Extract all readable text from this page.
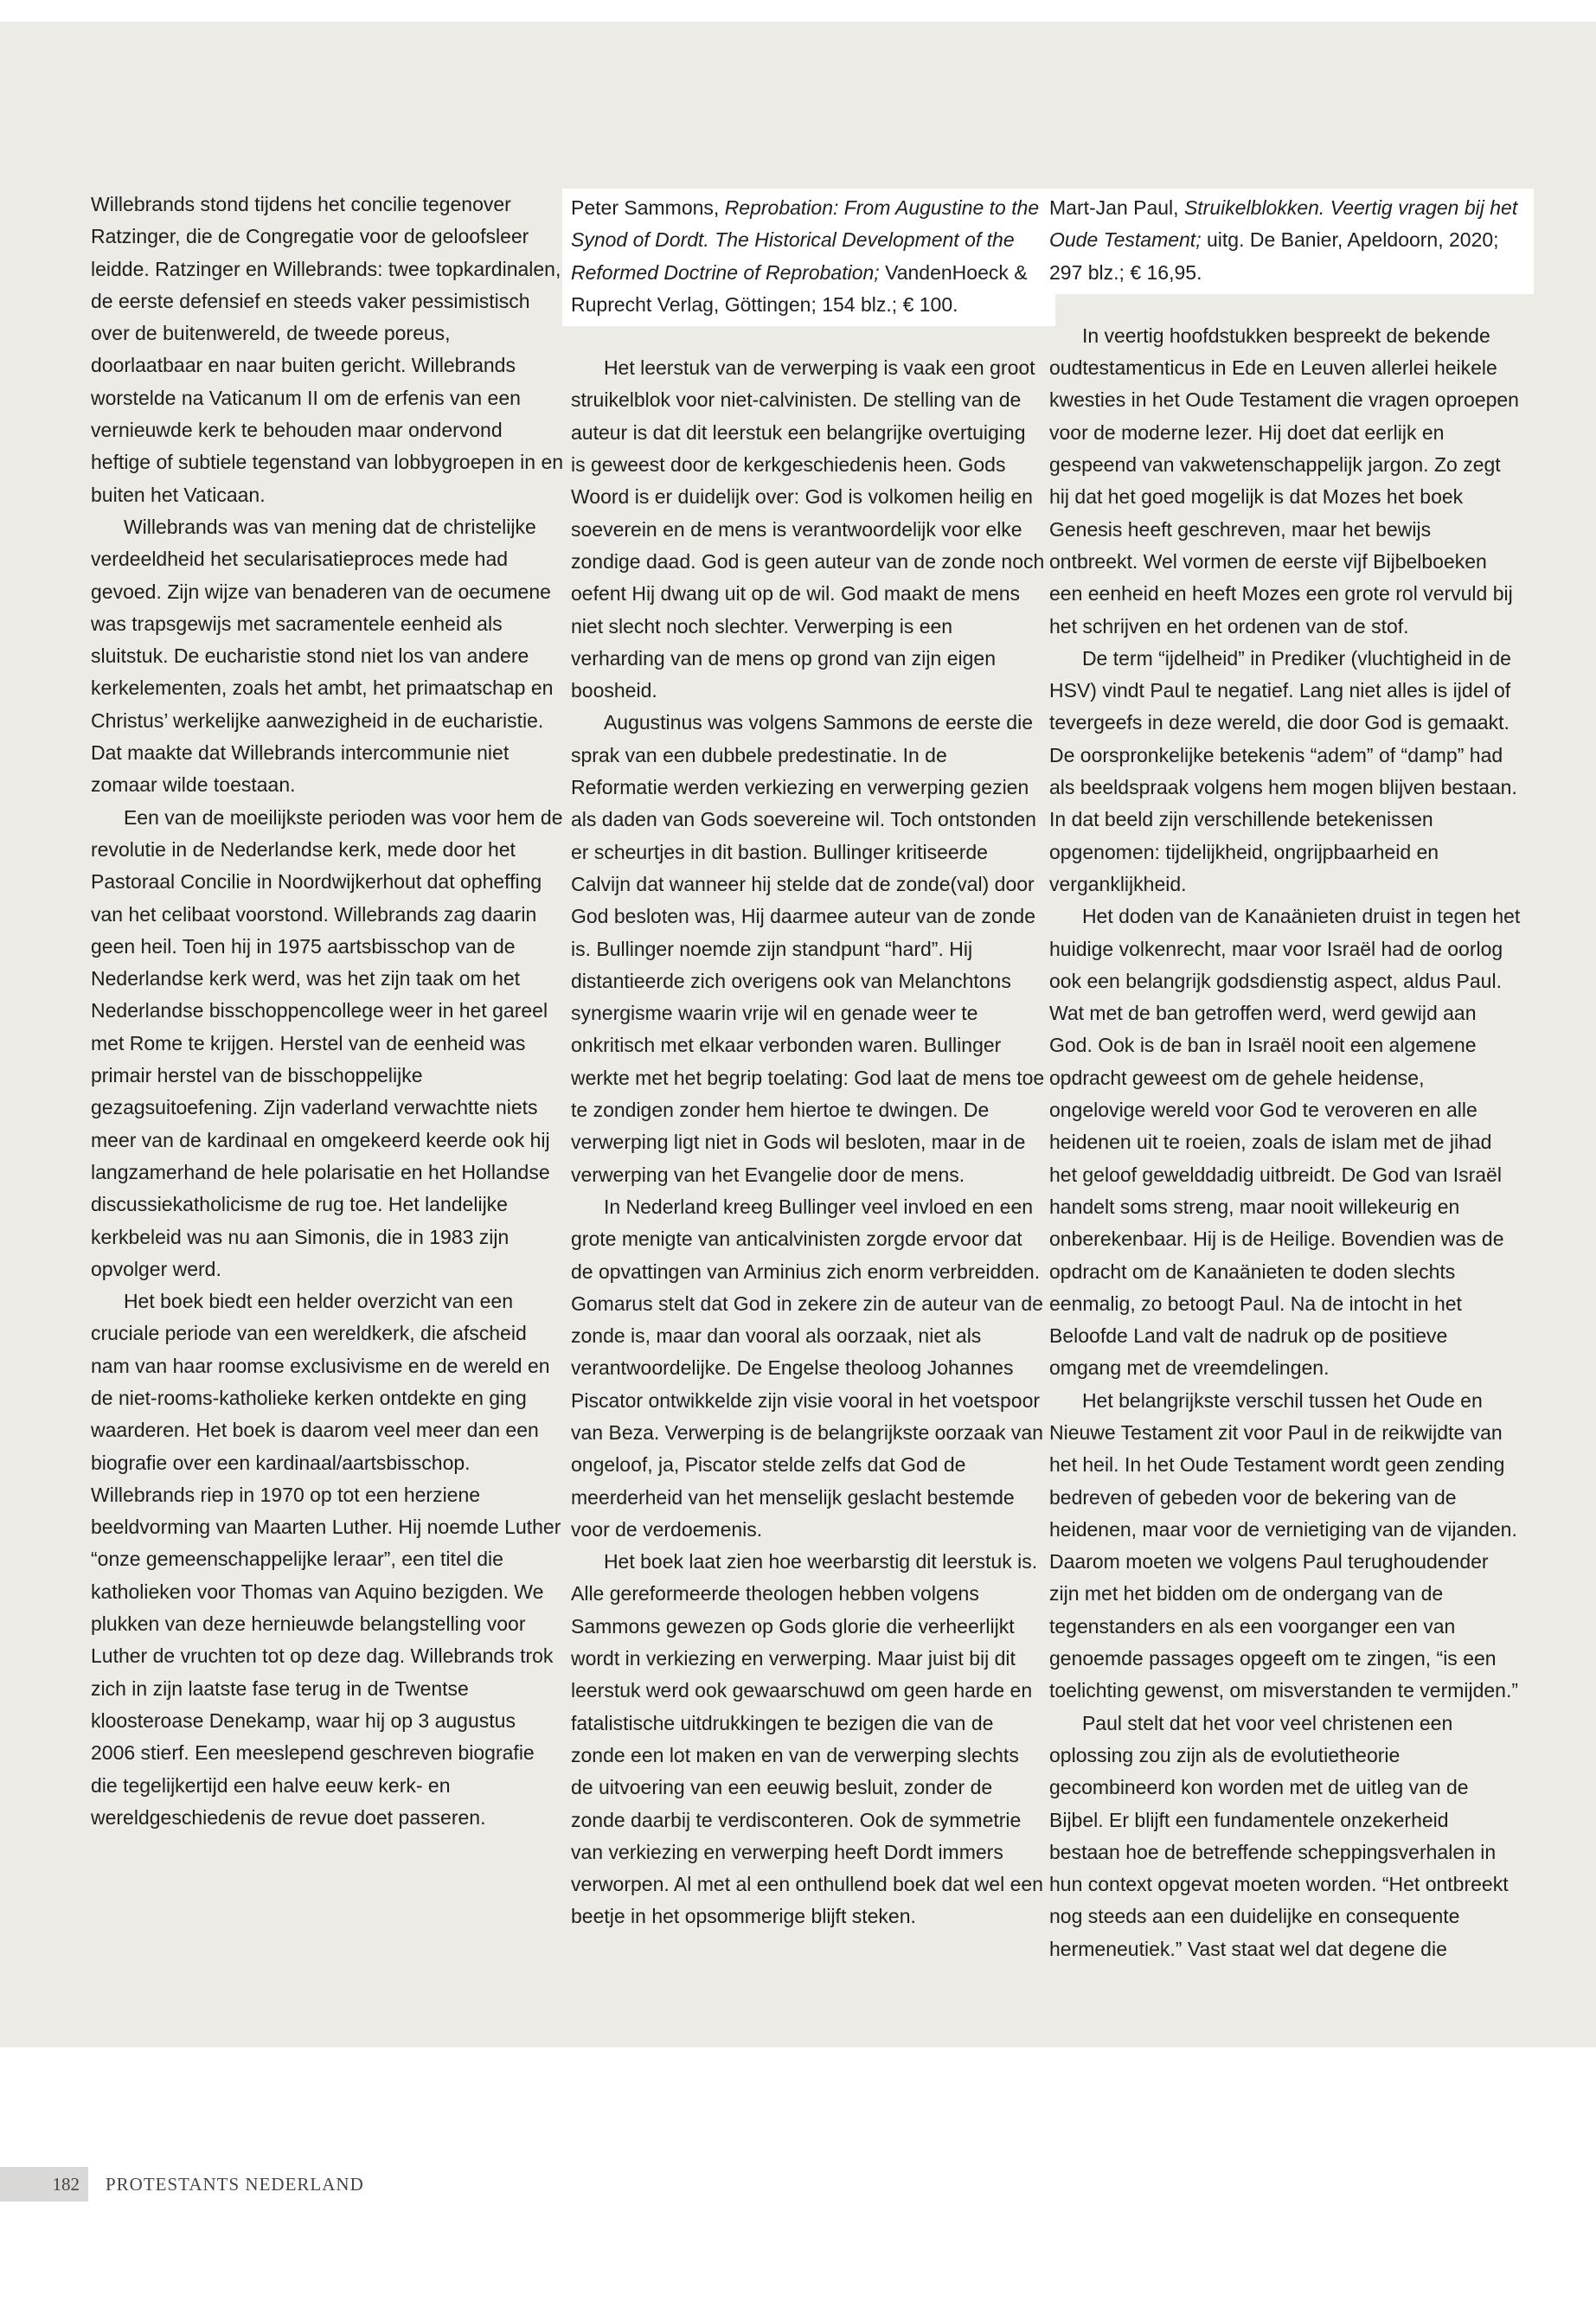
Willebrands stond tijdens het concilie tegenover Ratzinger, die de Congregatie voor de geloofsleer leidde. Ratzinger en Willebrands: twee topkardinalen, de eerste defensief en steeds vaker pessimistisch over de buitenwereld, de tweede poreus, doorlaatbaar en naar buiten gericht. Willebrands worstelde na Vaticanum II om de erfenis van een vernieuwde kerk te behouden maar ondervond heftige of subtiele tegenstand van lobbygroepen in en buiten het Vaticaan.

Willebrands was van mening dat de christelijke verdeeldheid het secularisatieproces mede had gevoed. Zijn wijze van benaderen van de oecumene was trapsgewijs met sacramentele eenheid als sluitstuk. De eucharistie stond niet los van andere kerkelementen, zoals het ambt, het primaatschap en Christus’ werkelijke aanwezigheid in de eucharistie. Dat maakte dat Willebrands intercommunie niet zomaar wilde toestaan.

Een van de moeilijkste perioden was voor hem de revolutie in de Nederlandse kerk, mede door het Pastoraal Concilie in Noordwijkerhout dat opheffing van het celibaat voorstond. Willebrands zag daarin geen heil. Toen hij in 1975 aartsbisschop van de Nederlandse kerk werd, was het zijn taak om het Nederlandse bisschoppencollege weer in het gareel met Rome te krijgen. Herstel van de eenheid was primair herstel van de bisschoppelijke gezagsuitoefening. Zijn vaderland verwachtte niets meer van de kardinaal en omgekeerd keerde ook hij langzamerhand de hele polarisatie en het Hollandse discussiekatholicisme de rug toe. Het landelijke kerkbeleid was nu aan Simonis, die in 1983 zijn opvolger werd.

Het boek biedt een helder overzicht van een cruciale periode van een wereldkerk, die afscheid nam van haar roomse exclusivisme en de wereld en de niet-rooms-katholieke kerken ontdekte en ging waarderen. Het boek is daarom veel meer dan een biografie over een kardinaal/aartsbisschop. Willebrands riep in 1970 op tot een herziene beeldvorming van Maarten Luther. Hij noemde Luther “onze gemeenschappelijke leraar”, een titel die katholieken voor Thomas van Aquino bezigden. We plukken van deze hernieuwde belangstelling voor Luther de vruchten tot op deze dag. Willebrands trok zich in zijn laatste fase terug in de Twentse kloosteroase Denekamp, waar hij op 3 augustus 2006 stierf. Een meeslepend geschreven biografie die tegelijkertijd een halve eeuw kerk- en wereldgeschiedenis de revue doet passeren.

Peter Sammons, Reprobation: From Augustine to the Synod of Dordt. The Historical Development of the Reformed Doctrine of Reprobation; VandenHoeck & Ruprecht Verlag, Göttingen; 154 blz.; € 100.

Het leerstuk van de verwerping is vaak een groot struikelblok voor niet-calvinisten. De stelling van de auteur is dat dit leerstuk een belangrijke overtuiging is geweest door de kerkgeschiedenis heen. Gods Woord is er duidelijk over: God is volkomen heilig en soeverein en de mens is verantwoordelijk voor elke zondige daad. God is geen auteur van de zonde noch oefent Hij dwang uit op de wil. God maakt de mens niet slecht noch slechter. Verwerping is een verharding van de mens op grond van zijn eigen boosheid.

Augustinus was volgens Sammons de eerste die sprak van een dubbele predestinatie. In de Reformatie werden verkiezing en verwerping gezien als daden van Gods soevereine wil. Toch ontstonden er scheurtjes in dit bastion. Bullinger kritiseerde Calvijn dat wanneer hij stelde dat de zonde(val) door God besloten was, Hij daarmee auteur van de zonde is. Bullinger noemde zijn standpunt “hard”. Hij distantieerde zich overigens ook van Melanchtons synergisme waarin vrije wil en genade weer te onkritisch met elkaar verbonden waren. Bullinger werkte met het begrip toelating: God laat de mens toe te zondigen zonder hem hiertoe te dwingen. De verwerping ligt niet in Gods wil besloten, maar in de verwerping van het Evangelie door de mens.

In Nederland kreeg Bullinger veel invloed en een grote menigte van anticalvinisten zorgde ervoor dat de opvattingen van Arminius zich enorm verbreidden. Gomarus stelt dat God in zekere zin de auteur van de zonde is, maar dan vooral als oorzaak, niet als verantwoordelijke. De Engelse theoloog Johannes Piscator ontwikkelde zijn visie vooral in het voetspoor van Beza. Verwerping is de belangrijkste oorzaak van ongeloof, ja, Piscator stelde zelfs dat God de meerderheid van het menselijk geslacht bestemde voor de verdoemenis.

Het boek laat zien hoe weerbarstig dit leerstuk is. Alle gereformeerde theologen hebben volgens Sammons gewezen op Gods glorie die verheerlijkt wordt in verkiezing en verwerping. Maar juist bij dit leerstuk werd ook gewaarschuwd om geen harde en fatalistische uitdrukkingen te bezigen die van de zonde een lot maken en van de verwerping slechts de uitvoering van een eeuwig besluit, zonder de zonde daarbij te verdisconteren. Ook de symmetrie van verkiezing en verwerping heeft Dordt immers verworpen. Al met al een onthullend boek dat wel een beetje in het opsommerige blijft steken.

Mart-Jan Paul, Struikelblokken. Veertig vragen bij het Oude Testament; uitg. De Banier, Apeldoorn, 2020; 297 blz.; € 16,95.

In veertig hoofdstukken bespreekt de bekende oudtestamenticus in Ede en Leuven allerlei heikele kwesties in het Oude Testament die vragen oproepen voor de moderne lezer. Hij doet dat eerlijk en gespeend van vakwetenschappelijk jargon. Zo zegt hij dat het goed mogelijk is dat Mozes het boek Genesis heeft geschreven, maar het bewijs ontbreekt. Wel vormen de eerste vijf Bijbelboeken een eenheid en heeft Mozes een grote rol vervuld bij het schrijven en het ordenen van de stof.

De term “ijdelheid” in Prediker (vluchtigheid in de HSV) vindt Paul te negatief. Lang niet alles is ijdel of tevergeefs in deze wereld, die door God is gemaakt. De oorspronkelijke betekenis “adem” of “damp” had als beeldspraak volgens hem mogen blijven bestaan. In dat beeld zijn verschillende betekenissen opgenomen: tijdelijkheid, ongrijpbaarheid en verganklijkheid.

Het doden van de Kanaänieten druist in tegen het huidige volkenrecht, maar voor Israël had de oorlog ook een belangrijk godsdienstig aspect, aldus Paul. Wat met de ban getroffen werd, werd gewijd aan God. Ook is de ban in Israël nooit een algemene opdracht geweest om de gehele heidense, ongelovige wereld voor God te veroveren en alle heidenen uit te roeien, zoals de islam met de jihad het geloof gewelddadig uitbreidt. De God van Israël handelt soms streng, maar nooit willekeurig en onberekenbaar. Hij is de Heilige. Bovendien was de opdracht om de Kanaänieten te doden slechts eenmalig, zo betoogt Paul. Na de intocht in het Beloofde Land valt de nadruk op de positieve omgang met de vreemdelingen.

Het belangrijkste verschil tussen het Oude en Nieuwe Testament zit voor Paul in de reikwijdte van het heil. In het Oude Testament wordt geen zending bedreven of gebeden voor de bekering van de heidenen, maar voor de vernietiging van de vijanden. Daarom moeten we volgens Paul terughoudender zijn met het bidden om de ondergang van de tegenstanders en als een voorganger een van genoemde passages opgeeft om te zingen, “is een toelichting gewenst, om misverstanden te vermijden.”

Paul stelt dat het voor veel christenen een oplossing zou zijn als de evolutietheorie gecombineerd kon worden met de uitleg van de Bijbel. Er blijft een fundamentele onzekerheid bestaan hoe de betreffende scheppingsverhalen in hun context opgevat moeten worden. “Het ontbreekt nog steeds aan een duidelijke en consequente hermeneutiek.” Vast staat wel dat degene die

182	PROTESTANTS NEDERLAND
